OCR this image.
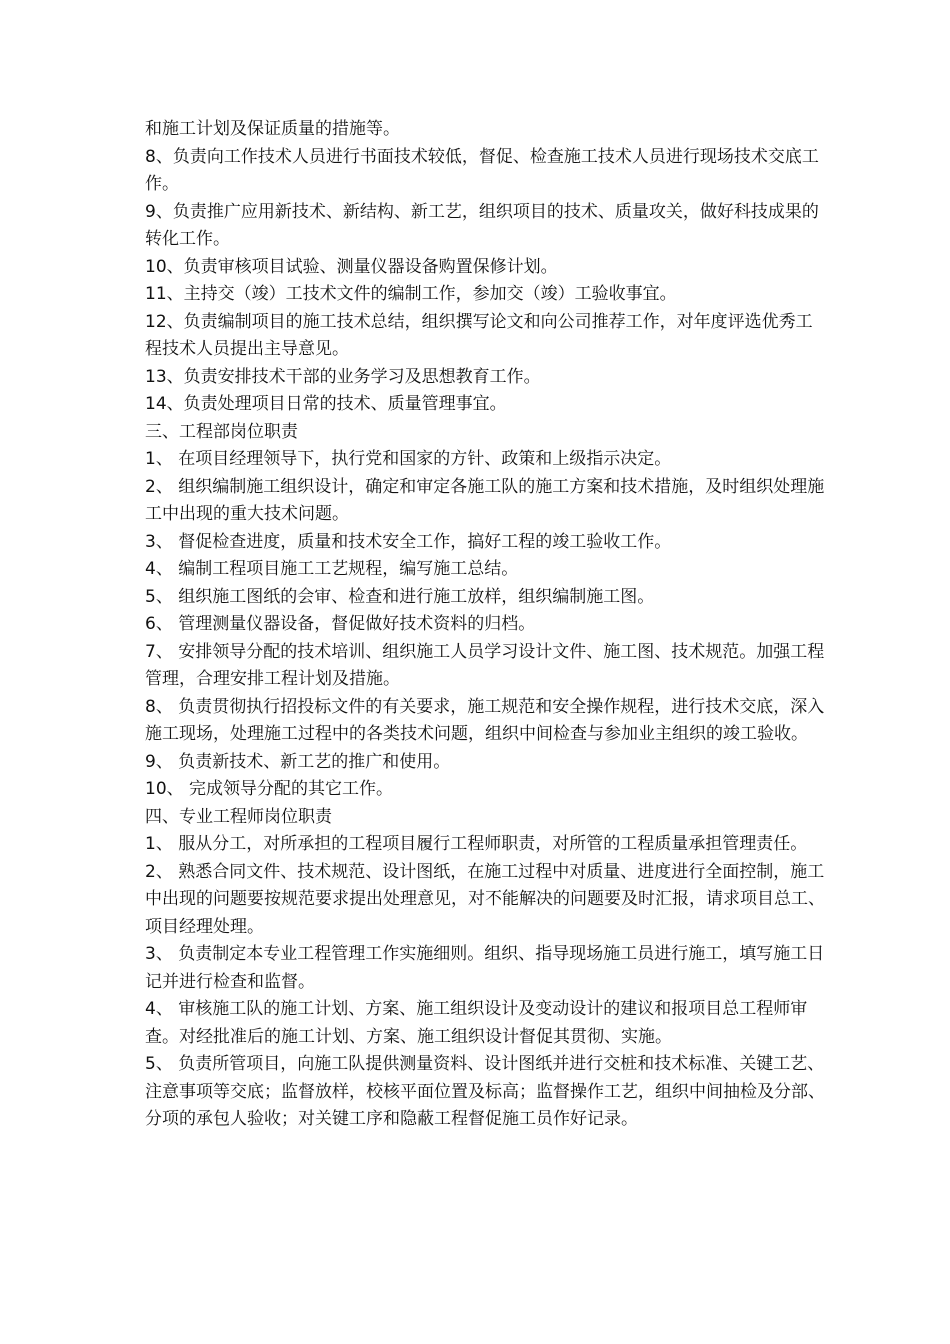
和施工计划及保证质量的措施等。

8、负责向工作技术人员进行书面技术较低，督促、检查施工技术人员进行现场技术交底工作。

9、负责推广应用新技术、新结构、新工艺，组织项目的技术、质量攻关，做好科技成果的转化工作。

10、负责审核项目试验、测量仪器设备购置保修计划。

11、主持交（竣）工技术文件的编制工作，参加交（竣）工验收事宜。

12、负责编制项目的施工技术总结，组织撰写论文和向公司推荐工作，对年度评选优秀工程技术人员提出主导意见。

13、负责安排技术干部的业务学习及思想教育工作。

14、负责处理项目日常的技术、质量管理事宜。

三、工程部岗位职责

1、 在项目经理领导下，执行党和国家的方针、政策和上级指示决定。

2、 组织编制施工组织设计，确定和审定各施工队的施工方案和技术措施，及时组织处理施工中出现的重大技术问题。

3、 督促检查进度，质量和技术安全工作，搞好工程的竣工验收工作。

4、 编制工程项目施工工艺规程，编写施工总结。

5、 组织施工图纸的会审、检查和进行施工放样，组织编制施工图。

6、 管理测量仪器设备，督促做好技术资料的归档。

7、 安排领导分配的技术培训、组织施工人员学习设计文件、施工图、技术规范。加强工程管理，合理安排工程计划及措施。

8、 负责贯彻执行招投标文件的有关要求，施工规范和安全操作规程，进行技术交底，深入施工现场，处理施工过程中的各类技术问题，组织中间检查与参加业主组织的竣工验收。

9、 负责新技术、新工艺的推广和使用。

10、 完成领导分配的其它工作。

四、专业工程师岗位职责

1、 服从分工，对所承担的工程项目履行工程师职责，对所管的工程质量承担管理责任。

2、 熟悉合同文件、技术规范、设计图纸，在施工过程中对质量、进度进行全面控制，施工中出现的问题要按规范要求提出处理意见，对不能解决的问题要及时汇报，请求项目总工、项目经理处理。

3、 负责制定本专业工程管理工作实施细则。组织、指导现场施工员进行施工，填写施工日记并进行检查和监督。

4、 审核施工队的施工计划、方案、施工组织设计及变动设计的建议和报项目总工程师审查。对经批准后的施工计划、方案、施工组织设计督促其贯彻、实施。

5、 负责所管项目，向施工队提供测量资料、设计图纸并进行交桩和技术标准、关键工艺、注意事项等交底；监督放样，校核平面位置及标高；监督操作工艺，组织中间抽检及分部、分项的承包人验收；对关键工序和隐蔽工程督促施工员作好记录。
